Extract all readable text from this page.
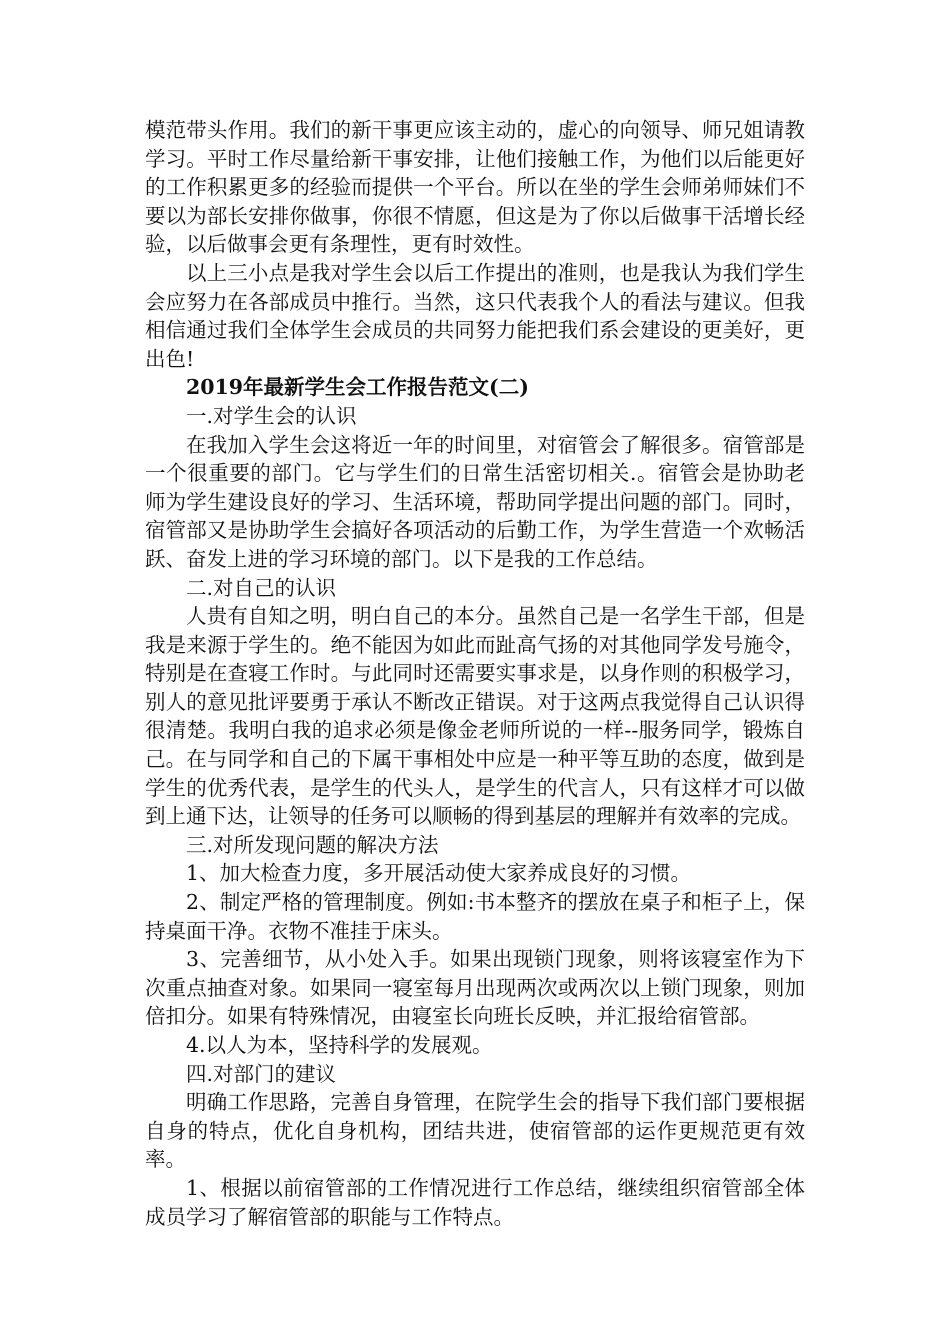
模范带头作用。我们的新干事更应该主动的，虚心的向领导、师兄姐请教学习。平时工作尽量给新干事安排，让他们接触工作，为他们以后能更好的工作积累更多的经验而提供一个平台。所以在坐的学生会师弟师妹们不要以为部长安排你做事，你很不情愿，但这是为了你以后做事干活增长经验，以后做事会更有条理性，更有时效性。

以上三小点是我对学生会以后工作提出的准则，也是我认为我们学生会应努力在各部成员中推行。当然，这只代表我个人的看法与建议。但我相信通过我们全体学生会成员的共同努力能把我们系会建设的更美好，更出色!

2019年最新学生会工作报告范文(二)

一.对学生会的认识

在我加入学生会这将近一年的时间里，对宿管会了解很多。宿管部是一个很重要的部门。它与学生们的日常生活密切相关.。宿管会是协助老师为学生建设良好的学习、生活环境，帮助同学提出问题的部门。同时，宿管部又是协助学生会搞好各项活动的后勤工作，为学生营造一个欢畅活跃、奋发上进的学习环境的部门。以下是我的工作总结。

二.对自己的认识

人贵有自知之明，明白自己的本分。虽然自己是一名学生干部，但是我是来源于学生的。绝不能因为如此而趾高气扬的对其他同学发号施令，特别是在查寝工作时。与此同时还需要实事求是，以身作则的积极学习，别人的意见批评要勇于承认不断改正错误。对于这两点我觉得自己认识得很清楚。我明白我的追求必须是像金老师所说的一样--服务同学，锻炼自己。在与同学和自己的下属干事相处中应是一种平等互助的态度，做到是学生的优秀代表，是学生的代头人，是学生的代言人，只有这样才可以做到上通下达，让领导的任务可以顺畅的得到基层的理解并有效率的完成。

三.对所发现问题的解决方法

1、加大检查力度，多开展活动使大家养成良好的习惯。

2、制定严格的管理制度。例如:书本整齐的摆放在桌子和柜子上，保持桌面干净。衣物不准挂于床头。

3、完善细节，从小处入手。如果出现锁门现象，则将该寝室作为下次重点抽查对象。如果同一寝室每月出现两次或两次以上锁门现象，则加倍扣分。如果有特殊情况，由寝室长向班长反映，并汇报给宿管部。

4.以人为本，坚持科学的发展观。

四.对部门的建议

明确工作思路，完善自身管理，在院学生会的指导下我们部门要根据自身的特点，优化自身机构，团结共进，使宿管部的运作更规范更有效率。

1、根据以前宿管部的工作情况进行工作总结，继续组织宿管部全体成员学习了解宿管部的职能与工作特点。
